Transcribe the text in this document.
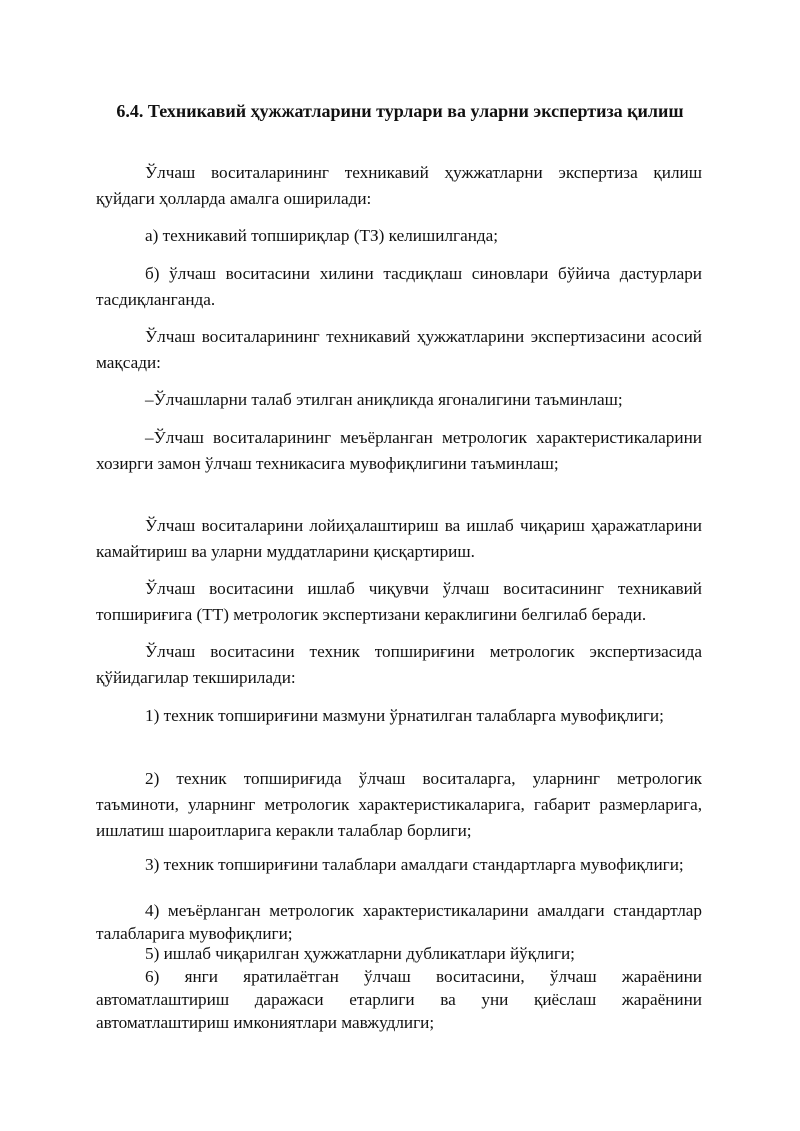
6.4. Техникавий ҳужжатларини турлари ва уларни экспертиза қилиш

Ўлчаш воситаларининг техникавий ҳужжатларни экспертиза қилиш қуйдаги ҳолларда амалга оширилади:

а) техникавий топшириқлар (ТЗ) келишилганда;

б) ўлчаш воситасини хилини тасдиқлаш синовлари бўйича дастурлари тасдиқланганда.

Ўлчаш воситаларининг техникавий ҳужжатларини экспертизасини асосий мақсади:

–Ўлчашларни талаб этилган аниқликда ягоналигини таъминлаш;

–Ўлчаш воситаларининг меъёрланган метрологик характеристикаларини хозирги замон ўлчаш техникасига мувофиқлигини таъминлаш;

Ўлчаш воситаларини лойиҳалаштириш ва ишлаб чиқариш ҳаражатларини камайтириш ва уларни муддатларини қисқартириш.

Ўлчаш воситасини ишлаб чиқувчи ўлчаш воситасининг техникавий топшириғига (ТТ) метрологик экспертизани кераклигини белгилаб беради.

Ўлчаш воситасини техник топшириғини метрологик экспертизасида қўйидагилар текширилади:

1) техник топшириғини мазмуни ўрнатилган талабларга мувофиқлиги;

2) техник топшириғида ўлчаш воситаларга, уларнинг метрологик таъминоти, уларнинг метрологик характеристикаларига, габарит размерларига, ишлатиш шароитларига керакли талаблар борлиги;

3) техник топшириғини талаблари амалдаги стандартларга мувофиқлиги;

4) меъёрланган метрологик характеристикаларини амалдаги стандартлар талабларига мувофиқлиги;

5) ишлаб чиқарилган ҳужжатларни дубликатлари йўқлиги;

6) янги яратилаётган ўлчаш воситасини, ўлчаш жараёнини автоматлаштириш даражаси етарлиги ва уни қиёслаш жараёнини автоматлаштириш имкониятлари мавжудлиги;
